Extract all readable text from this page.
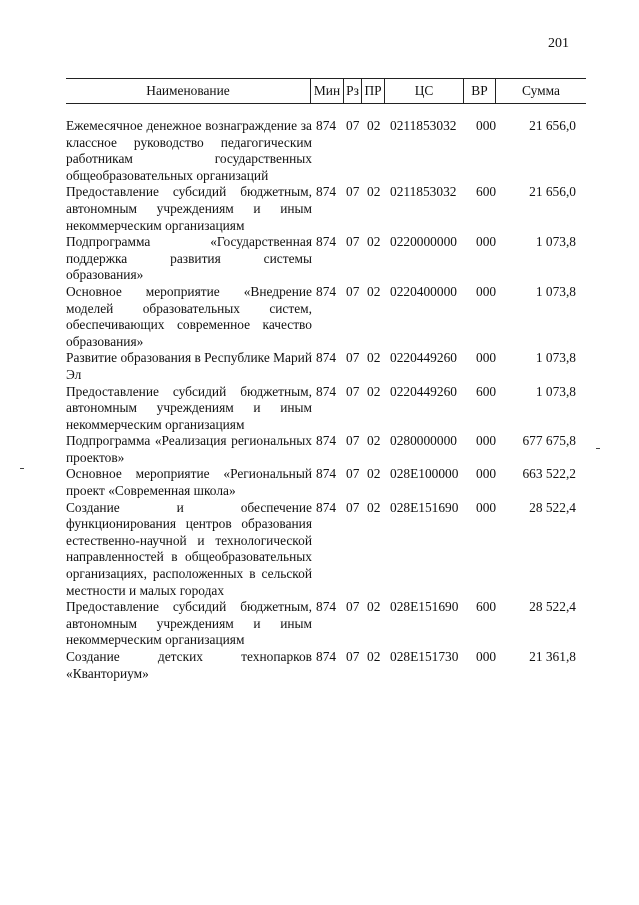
201
Наименование	Мин Рз ПР	ЦС	ВР	Сумма
Ежемесячное денежное вознаграждение за классное руководство педагогическим работникам государственных общеобразовательных организаций
874 07 02 0211853032	000	21 656,0
Предоставление субсидий бюджетным, автономным учреждениям и иным некоммерческим организациям
874 07 02 0211853032	600	21 656,0
Подпрограмма «Государственная поддержка развития системы образования»
874 07 02 0220000000	000	1 073,8
Основное мероприятие «Внедрение моделей образовательных систем, обеспечивающих современное качество образования»
874 07 02 0220400000	000	1 073,8
Развитие образования в Республике Марий Эл
874 07 02 0220449260	000	1 073,8
Предоставление субсидий бюджетным, автономным учреждениям и иным некоммерческим организациям
874 07 02 0220449260	600	1 073,8
Подпрограмма «Реализация региональных проектов»
874 07 02 0280000000	000	677 675,8
Основное мероприятие «Региональный проект «Современная школа»
874 07 02 028E100000	000	663 522,2
Создание и обеспечение функционирования центров образования естественно-научной и технологической направленностей в общеобразовательных организациях, расположенных в сельской местности и малых городах
874 07 02 028E151690	000	28 522,4
Предоставление субсидий бюджетным, автономным учреждениям и иным некоммерческим организациям
874 07 02 028E151690	600	28 522,4
Создание детских технопарков «Кванториум»
874 07 02 028E151730	000	21 361,8
